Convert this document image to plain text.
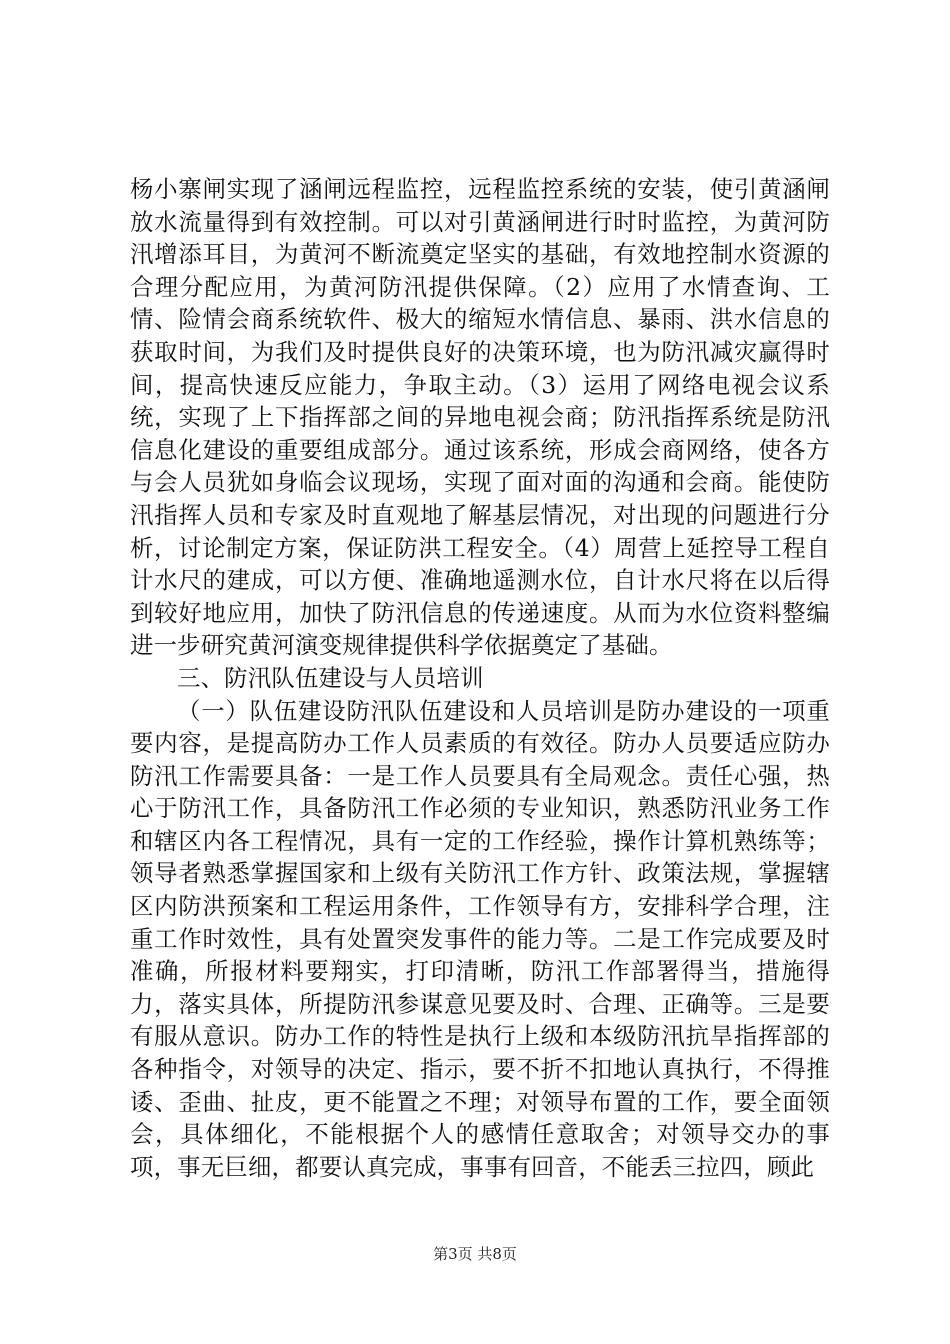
杨小寨闸实现了涵闸远程监控，远程监控系统的安装，使引黄涵闸放水流量得到有效控制。可以对引黄涵闸进行时时监控，为黄河防汛增添耳目，为黄河不断流奠定坚实的基础，有效地控制水资源的合理分配应用，为黄河防汛提供保障。（2）应用了水情查询、工情、险情会商系统软件、极大的缩短水情信息、暴雨、洪水信息的获取时间，为我们及时提供良好的决策环境，也为防汛减灾赢得时间，提高快速反应能力，争取主动。（3）运用了网络电视会议系统，实现了上下指挥部之间的异地电视会商；防汛指挥系统是防汛信息化建设的重要组成部分。通过该系统，形成会商网络，使各方与会人员犹如身临会议现场，实现了面对面的沟通和会商。能使防汛指挥人员和专家及时直观地了解基层情况，对出现的问题进行分析，讨论制定方案，保证防洪工程安全。（4）周营上延控导工程自计水尺的建成，可以方便、准确地遥测水位，自计水尺将在以后得到较好地应用，加快了防汛信息的传递速度。从而为水位资料整编进一步研究黄河演变规律提供科学依据奠定了基础。

三、防汛队伍建设与人员培训

（一）队伍建设防汛队伍建设和人员培训是防办建设的一项重要内容，是提高防办工作人员素质的有效径。防办人员要适应防办防汛工作需要具备：一是工作人员要具有全局观念。责任心强，热心于防汛工作，具备防汛工作必须的专业知识，熟悉防汛业务工作和辖区内各工程情况，具有一定的工作经验，操作计算机熟练等；领导者熟悉掌握国家和上级有关防汛工作方针、政策法规，掌握辖区内防洪预案和工程运用条件，工作领导有方，安排科学合理，注重工作时效性，具有处置突发事件的能力等。二是工作完成要及时准确，所报材料要翔实，打印清晰，防汛工作部署得当，措施得力，落实具体，所提防汛参谋意见要及时、合理、正确等。三是要有服从意识。防办工作的特性是执行上级和本级防汛抗旱指挥部的各种指令，对领导的决定、指示，要不折不扣地认真执行，不得推诿、歪曲、扯皮，更不能置之不理；对领导布置的工作，要全面领会，具体细化，不能根据个人的感情任意取舍；对领导交办的事项，事无巨细，都要认真完成，事事有回音，不能丢三拉四，顾此

第3页 共8页
